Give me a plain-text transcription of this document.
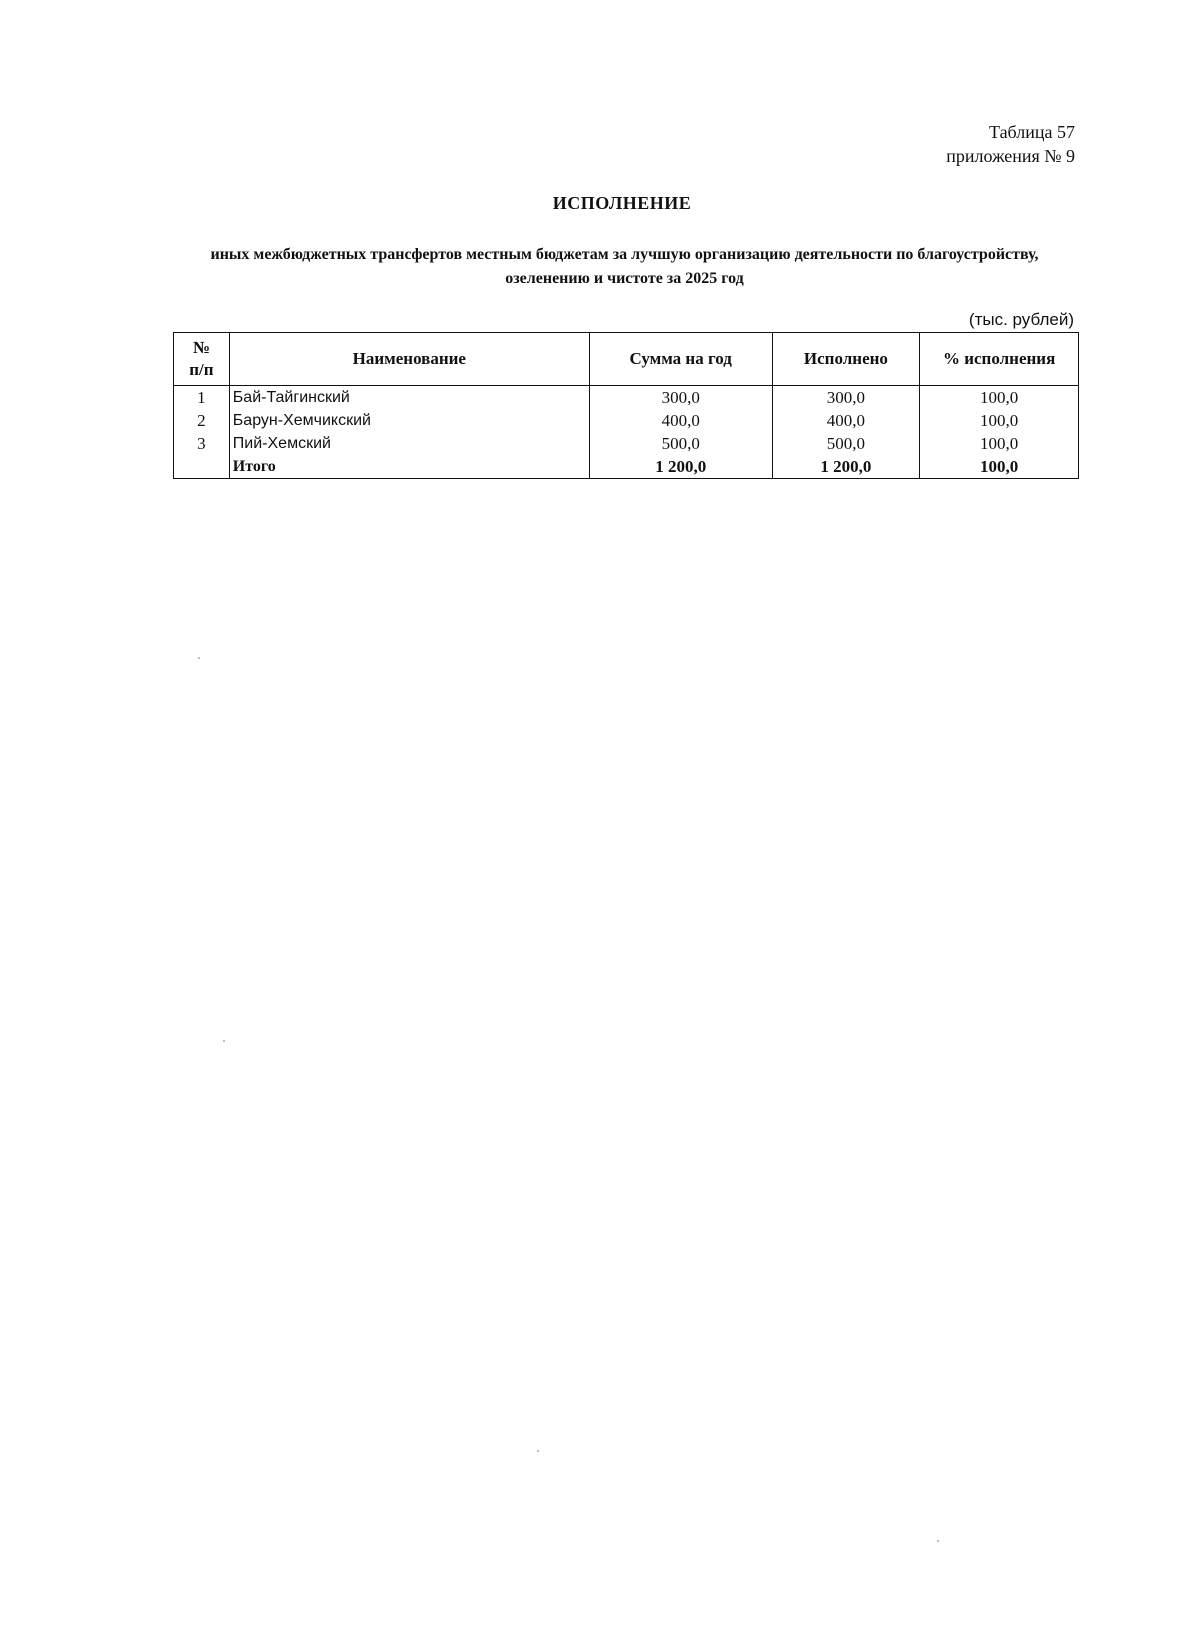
Таблица 57
приложения № 9
ИСПОЛНЕНИЕ
иных межбюджетных трансфертов местным бюджетам за лучшую организацию деятельности по благоустройству,
озеленению и чистоте за 2025 год
(тыс. рублей)
№
п/п	Наименование	Сумма на год	Исполнено	% исполнения
1	Бай-Тайгинский	300,0	300,0	100,0
2	Барун-Хемчикский	400,0	400,0	100,0
3	Пий-Хемский	500,0	500,0	100,0
	Итого	1 200,0	1 200,0	100,0
